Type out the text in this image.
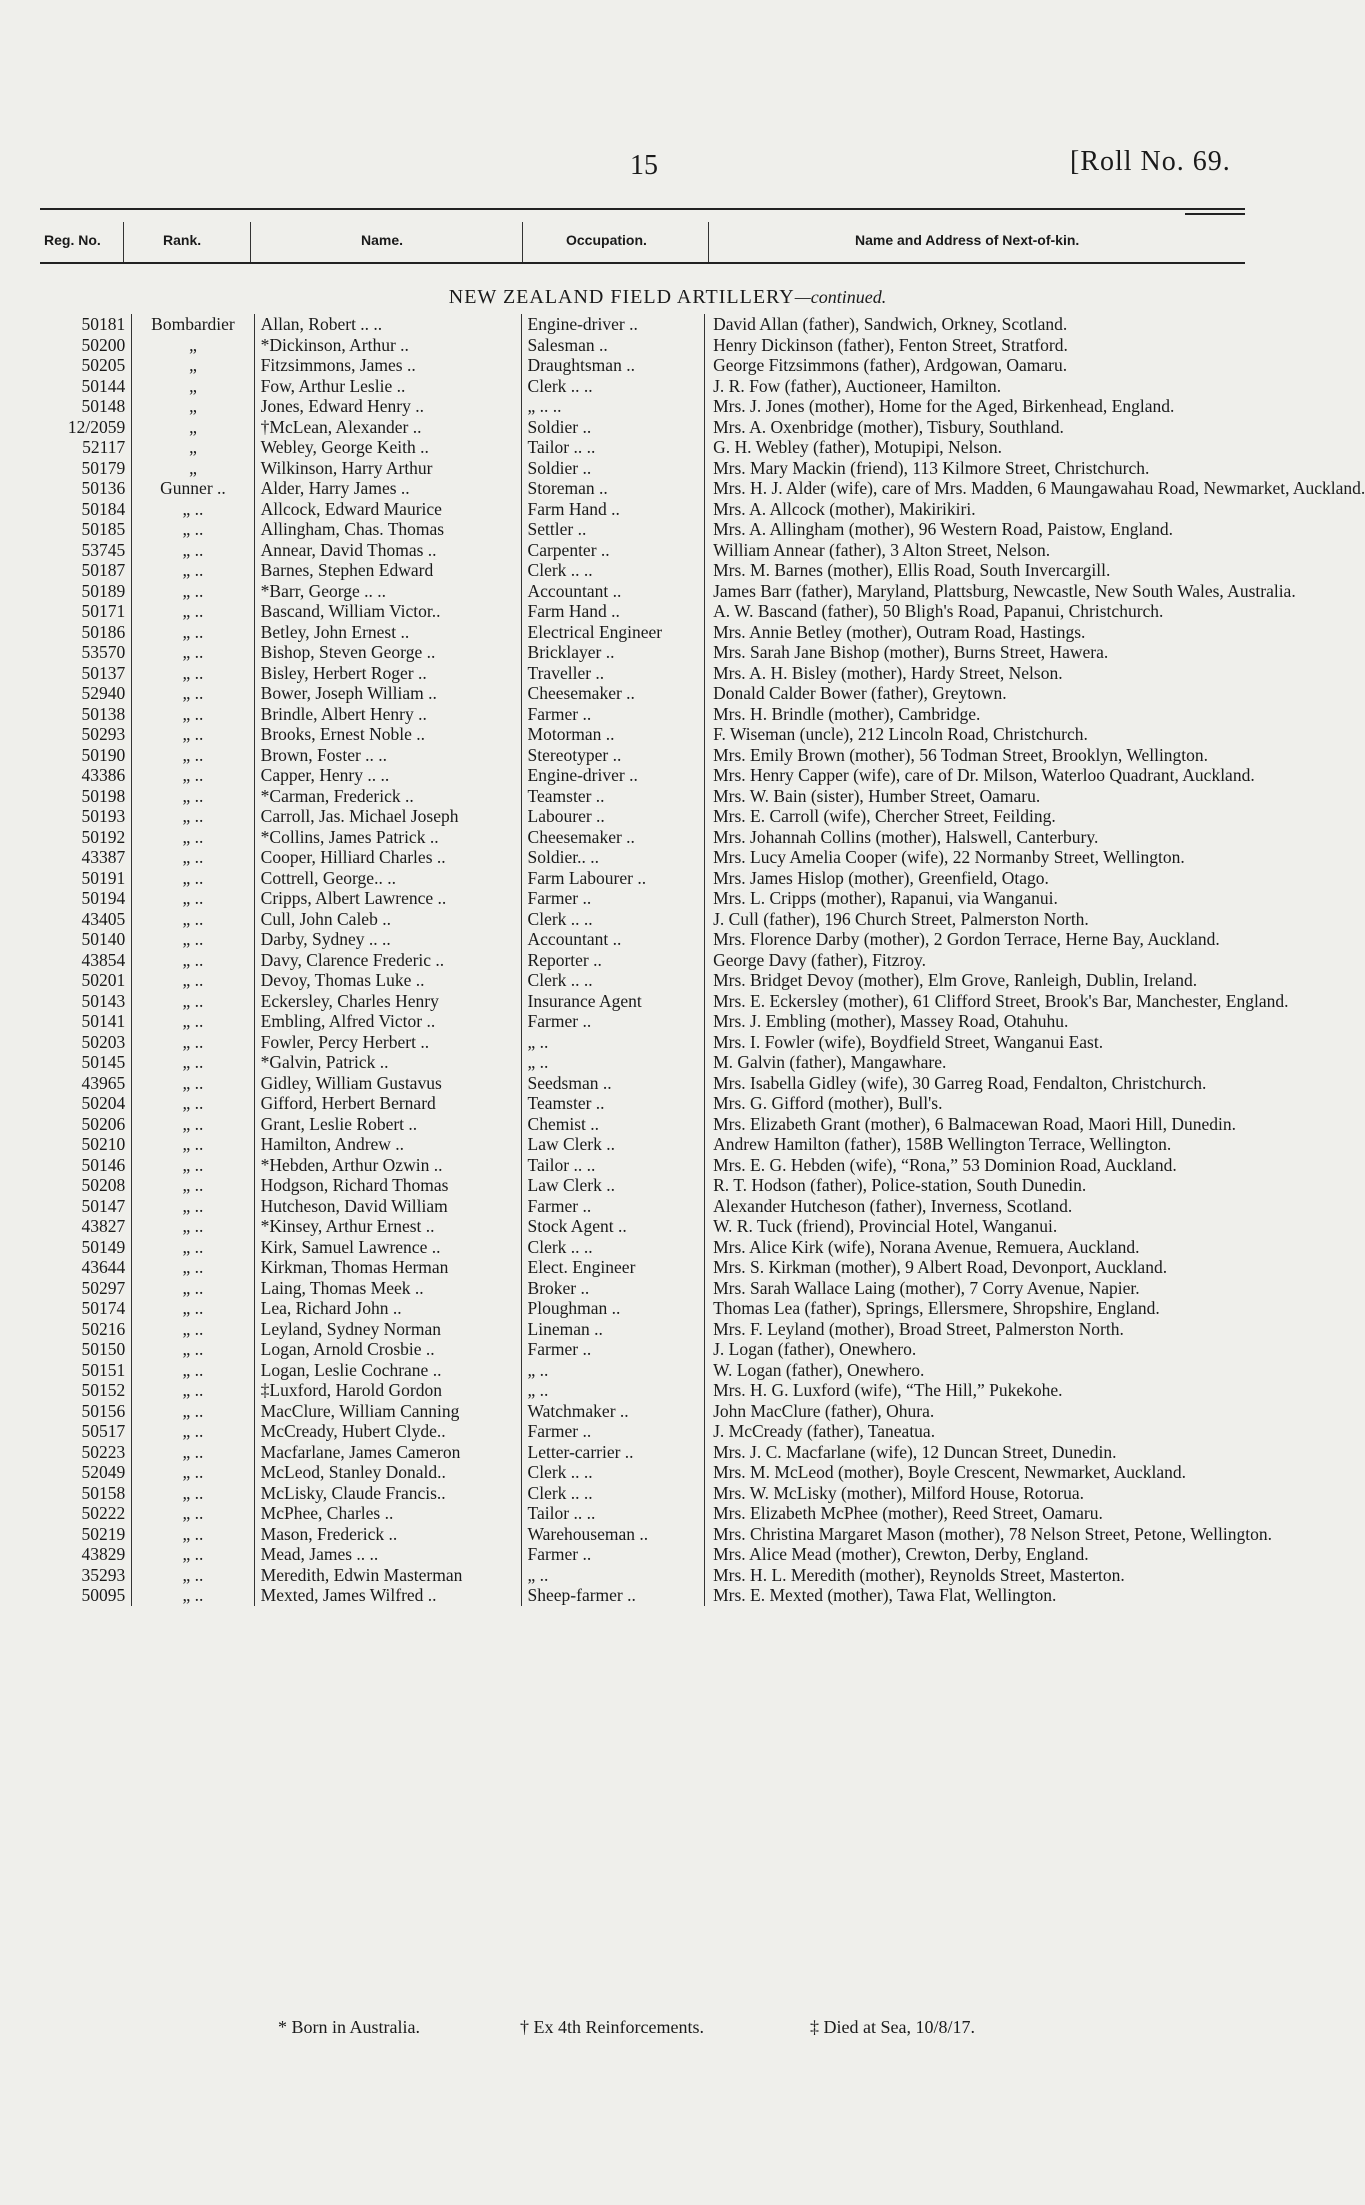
15	[Roll No. 69.
Reg. No.	Rank.	Name.	Occupation.	Name and Address of Next-of-kin.
NEW ZEALAND FIELD ARTILLERY—continued.
50181	Bombardier	Allan, Robert .. ..	Engine-driver ..	David Allan (father), Sandwich, Orkney, Scotland.
50200	„	*Dickinson, Arthur ..	Salesman ..	Henry Dickinson (father), Fenton Street, Stratford.
50205	„	Fitzsimmons, James ..	Draughtsman ..	George Fitzsimmons (father), Ardgowan, Oamaru.
50144	„	Fow, Arthur Leslie ..	Clerk .. ..	J. R. Fow (father), Auctioneer, Hamilton.
50148	„	Jones, Edward Henry ..	„ .. ..	Mrs. J. Jones (mother), Home for the Aged, Birkenhead, England.
12/2059	„	†McLean, Alexander ..	Soldier ..	Mrs. A. Oxenbridge (mother), Tisbury, Southland.
52117	„	Webley, George Keith ..	Tailor .. ..	G. H. Webley (father), Motupipi, Nelson.
50179	„	Wilkinson, Harry Arthur	Soldier ..	Mrs. Mary Mackin (friend), 113 Kilmore Street, Christchurch.
50136	Gunner ..	Alder, Harry James ..	Storeman ..	Mrs. H. J. Alder (wife), care of Mrs. Madden, 6 Maungawahau Road, Newmarket, Auckland.
50184	„ ..	Allcock, Edward Maurice	Farm Hand ..	Mrs. A. Allcock (mother), Makirikiri.
50185	„ ..	Allingham, Chas. Thomas	Settler ..	Mrs. A. Allingham (mother), 96 Western Road, Paistow, England.
53745	„ ..	Annear, David Thomas ..	Carpenter ..	William Annear (father), 3 Alton Street, Nelson.
50187	„ ..	Barnes, Stephen Edward	Clerk .. ..	Mrs. M. Barnes (mother), Ellis Road, South Invercargill.
50189	„ ..	*Barr, George .. ..	Accountant ..	James Barr (father), Maryland, Plattsburg, Newcastle, New South Wales, Australia.
50171	„ ..	Bascand, William Victor..	Farm Hand ..	A. W. Bascand (father), 50 Bligh's Road, Papanui, Christchurch.
50186	„ ..	Betley, John Ernest ..	Electrical Engineer	Mrs. Annie Betley (mother), Outram Road, Hastings.
53570	„ ..	Bishop, Steven George ..	Bricklayer ..	Mrs. Sarah Jane Bishop (mother), Burns Street, Hawera.
50137	„ ..	Bisley, Herbert Roger ..	Traveller ..	Mrs. A. H. Bisley (mother), Hardy Street, Nelson.
52940	„ ..	Bower, Joseph William ..	Cheesemaker ..	Donald Calder Bower (father), Greytown.
50138	„ ..	Brindle, Albert Henry ..	Farmer ..	Mrs. H. Brindle (mother), Cambridge.
50293	„ ..	Brooks, Ernest Noble ..	Motorman ..	F. Wiseman (uncle), 212 Lincoln Road, Christchurch.
50190	„ ..	Brown, Foster .. ..	Stereotyper ..	Mrs. Emily Brown (mother), 56 Todman Street, Brooklyn, Wellington.
43386	„ ..	Capper, Henry .. ..	Engine-driver ..	Mrs. Henry Capper (wife), care of Dr. Milson, Waterloo Quadrant, Auckland.
50198	„ ..	*Carman, Frederick ..	Teamster ..	Mrs. W. Bain (sister), Humber Street, Oamaru.
50193	„ ..	Carroll, Jas. Michael Joseph	Labourer ..	Mrs. E. Carroll (wife), Chercher Street, Feilding.
50192	„ ..	*Collins, James Patrick ..	Cheesemaker ..	Mrs. Johannah Collins (mother), Halswell, Canterbury.
43387	„ ..	Cooper, Hilliard Charles ..	Soldier.. ..	Mrs. Lucy Amelia Cooper (wife), 22 Normanby Street, Wellington.
50191	„ ..	Cottrell, George.. ..	Farm Labourer ..	Mrs. James Hislop (mother), Greenfield, Otago.
50194	„ ..	Cripps, Albert Lawrence ..	Farmer ..	Mrs. L. Cripps (mother), Rapanui, via Wanganui.
43405	„ ..	Cull, John Caleb ..	Clerk .. ..	J. Cull (father), 196 Church Street, Palmerston North.
50140	„ ..	Darby, Sydney .. ..	Accountant ..	Mrs. Florence Darby (mother), 2 Gordon Terrace, Herne Bay, Auckland.
43854	„ ..	Davy, Clarence Frederic ..	Reporter ..	George Davy (father), Fitzroy.
50201	„ ..	Devoy, Thomas Luke ..	Clerk .. ..	Mrs. Bridget Devoy (mother), Elm Grove, Ranleigh, Dublin, Ireland.
50143	„ ..	Eckersley, Charles Henry	Insurance Agent	Mrs. E. Eckersley (mother), 61 Clifford Street, Brook's Bar, Manchester, England.
50141	„ ..	Embling, Alfred Victor ..	Farmer ..	Mrs. J. Embling (mother), Massey Road, Otahuhu.
50203	„ ..	Fowler, Percy Herbert ..	„ ..	Mrs. I. Fowler (wife), Boydfield Street, Wanganui East.
50145	„ ..	*Galvin, Patrick ..	„ ..	M. Galvin (father), Mangawhare.
43965	„ ..	Gidley, William Gustavus	Seedsman ..	Mrs. Isabella Gidley (wife), 30 Garreg Road, Fendalton, Christchurch.
50204	„ ..	Gifford, Herbert Bernard	Teamster ..	Mrs. G. Gifford (mother), Bull's.
50206	„ ..	Grant, Leslie Robert ..	Chemist ..	Mrs. Elizabeth Grant (mother), 6 Balmacewan Road, Maori Hill, Dunedin.
50210	„ ..	Hamilton, Andrew ..	Law Clerk ..	Andrew Hamilton (father), 158B Wellington Terrace, Wellington.
50146	„ ..	*Hebden, Arthur Ozwin ..	Tailor .. ..	Mrs. E. G. Hebden (wife), “Rona,” 53 Dominion Road, Auckland.
50208	„ ..	Hodgson, Richard Thomas	Law Clerk ..	R. T. Hodson (father), Police-station, South Dunedin.
50147	„ ..	Hutcheson, David William	Farmer ..	Alexander Hutcheson (father), Inverness, Scotland.
43827	„ ..	*Kinsey, Arthur Ernest ..	Stock Agent ..	W. R. Tuck (friend), Provincial Hotel, Wanganui.
50149	„ ..	Kirk, Samuel Lawrence ..	Clerk .. ..	Mrs. Alice Kirk (wife), Norana Avenue, Remuera, Auckland.
43644	„ ..	Kirkman, Thomas Herman	Elect. Engineer	Mrs. S. Kirkman (mother), 9 Albert Road, Devonport, Auckland.
50297	„ ..	Laing, Thomas Meek ..	Broker ..	Mrs. Sarah Wallace Laing (mother), 7 Corry Avenue, Napier.
50174	„ ..	Lea, Richard John ..	Ploughman ..	Thomas Lea (father), Springs, Ellersmere, Shropshire, England.
50216	„ ..	Leyland, Sydney Norman	Lineman ..	Mrs. F. Leyland (mother), Broad Street, Palmerston North.
50150	„ ..	Logan, Arnold Crosbie ..	Farmer ..	J. Logan (father), Onewhero.
50151	„ ..	Logan, Leslie Cochrane ..	„ ..	W. Logan (father), Onewhero.
50152	„ ..	‡Luxford, Harold Gordon	„ ..	Mrs. H. G. Luxford (wife), “The Hill,” Pukekohe.
50156	„ ..	MacClure, William Canning	Watchmaker ..	John MacClure (father), Ohura.
50517	„ ..	McCready, Hubert Clyde..	Farmer ..	J. McCready (father), Taneatua.
50223	„ ..	Macfarlane, James Cameron	Letter-carrier ..	Mrs. J. C. Macfarlane (wife), 12 Duncan Street, Dunedin.
52049	„ ..	McLeod, Stanley Donald..	Clerk .. ..	Mrs. M. McLeod (mother), Boyle Crescent, Newmarket, Auckland.
50158	„ ..	McLisky, Claude Francis..	Clerk .. ..	Mrs. W. McLisky (mother), Milford House, Rotorua.
50222	„ ..	McPhee, Charles ..	Tailor .. ..	Mrs. Elizabeth McPhee (mother), Reed Street, Oamaru.
50219	„ ..	Mason, Frederick ..	Warehouseman ..	Mrs. Christina Margaret Mason (mother), 78 Nelson Street, Petone, Wellington.
43829	„ ..	Mead, James .. ..	Farmer ..	Mrs. Alice Mead (mother), Crewton, Derby, England.
35293	„ ..	Meredith, Edwin Masterman	„ ..	Mrs. H. L. Meredith (mother), Reynolds Street, Masterton.
50095	„ ..	Mexted, James Wilfred ..	Sheep-farmer ..	Mrs. E. Mexted (mother), Tawa Flat, Wellington.
* Born in Australia.	† Ex 4th Reinforcements.	‡ Died at Sea, 10/8/17.
